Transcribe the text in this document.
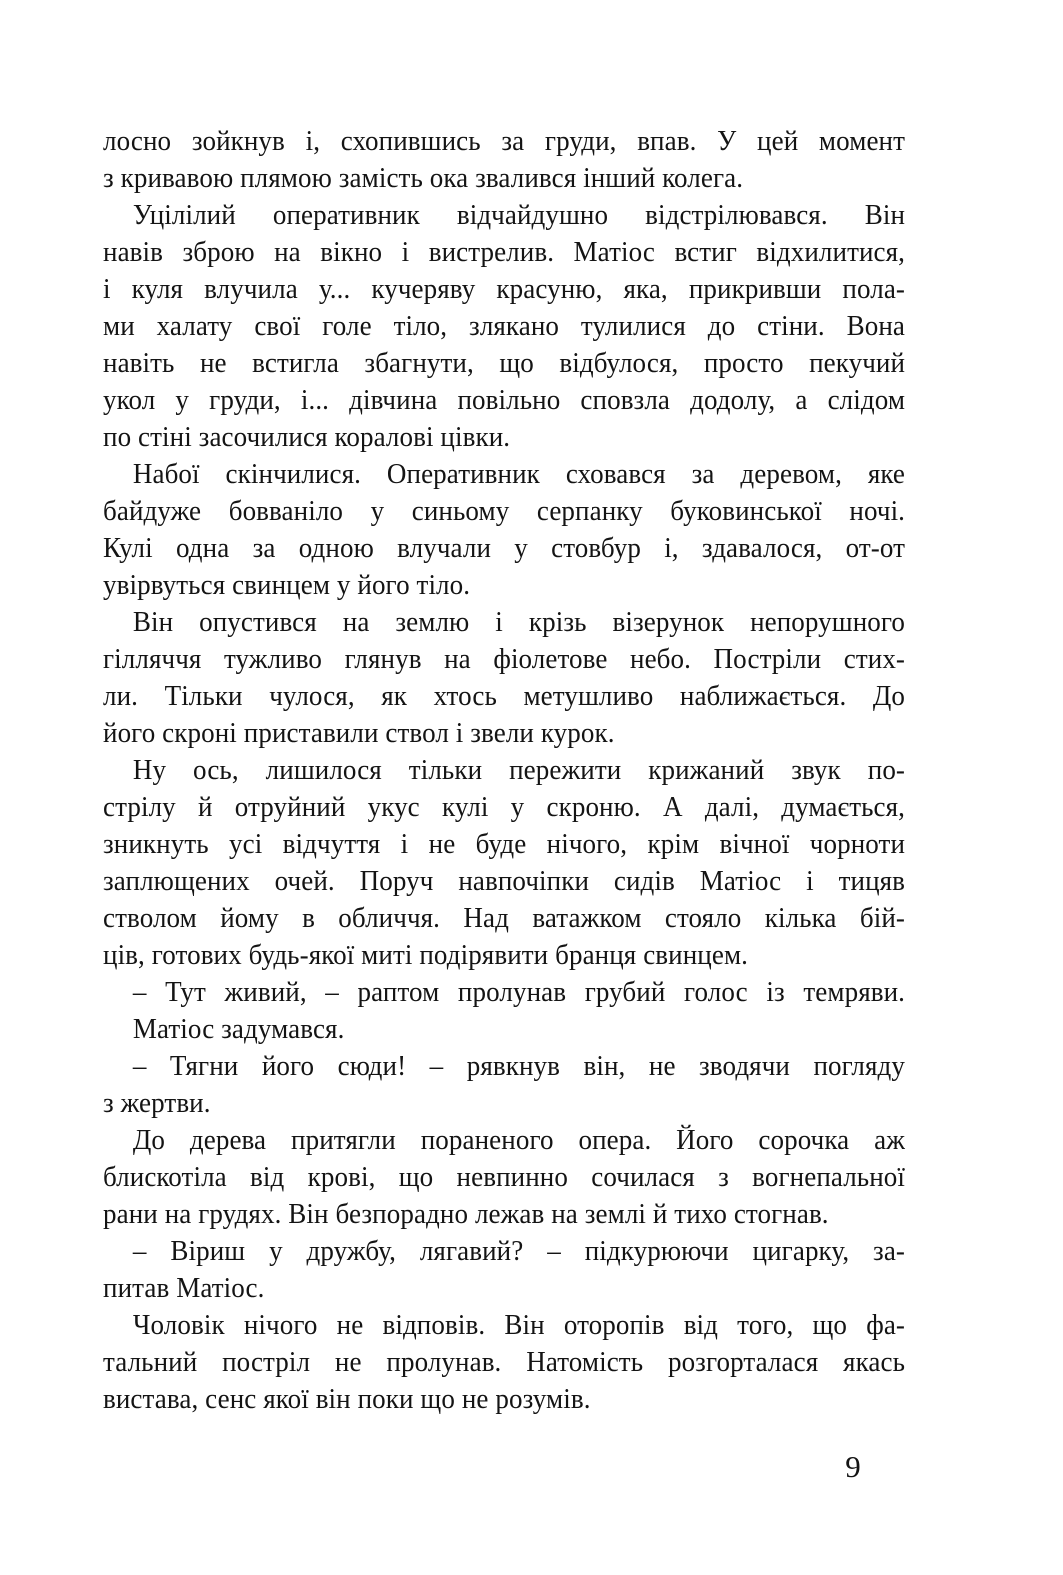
лосно зойкнув і, схопившись за груди, впав. У цей момент
з кривавою плямою замість ока звалився інший колега.
Уцілілий оперативник відчайдушно відстрілювався. Він
навів зброю на вікно і вистрелив. Матіос встиг відхилитися,
і куля влучила у... кучеряву красуню, яка, прикривши пола-
ми халату свої голе тіло, злякано тулилися до стіни. Вона
навіть не встигла збагнути, що відбулося, просто пекучий
укол у груди, і... дівчина повільно сповзла додолу, а слідом
по стіні засочилися коралові цівки.
Набої скінчилися. Оперативник сховався за деревом, яке
байдуже бовваніло у синьому серпанку буковинської ночі.
Кулі одна за одною влучали у стовбур і, здавалося, от-от
увірвуться свинцем у його тіло.
Він опустився на землю і крізь візерунок непорушного
гілляччя тужливо глянув на фіолетове небо. Постріли стих-
ли. Тільки чулося, як хтось метушливо наближається. До
його скроні приставили ствол і звели курок.
Ну ось, лишилося тільки пережити крижаний звук по-
стрілу й отруйний укус кулі у скроню. А далі, думається,
зникнуть усі відчуття і не буде нічого, крім вічної чорноти
заплющених очей. Поруч навпочіпки сидів Матіос і тицяв
стволом йому в обличчя. Над ватажком стояло кілька бій-
ців, готових будь-якої миті подірявити бранця свинцем.
– Тут живий, – раптом пролунав грубий голос із темряви.
Матіос задумався.
– Тягни його сюди! – рявкнув він, не зводячи погляду
з жертви.
До дерева притягли пораненого опера. Його сорочка аж
блискотіла від крові, що невпинно сочилася з вогнепальної
рани на грудях. Він безпорадно лежав на землі й тихо стогнав.
– Віриш у дружбу, лягавий? – підкурюючи цигарку, за-
питав Матіос.
Чоловік нічого не відповів. Він оторопів від того, що фа-
тальний постріл не пролунав. Натомість розгорталася якась
вистава, сенс якої він поки що не розумів.
9
